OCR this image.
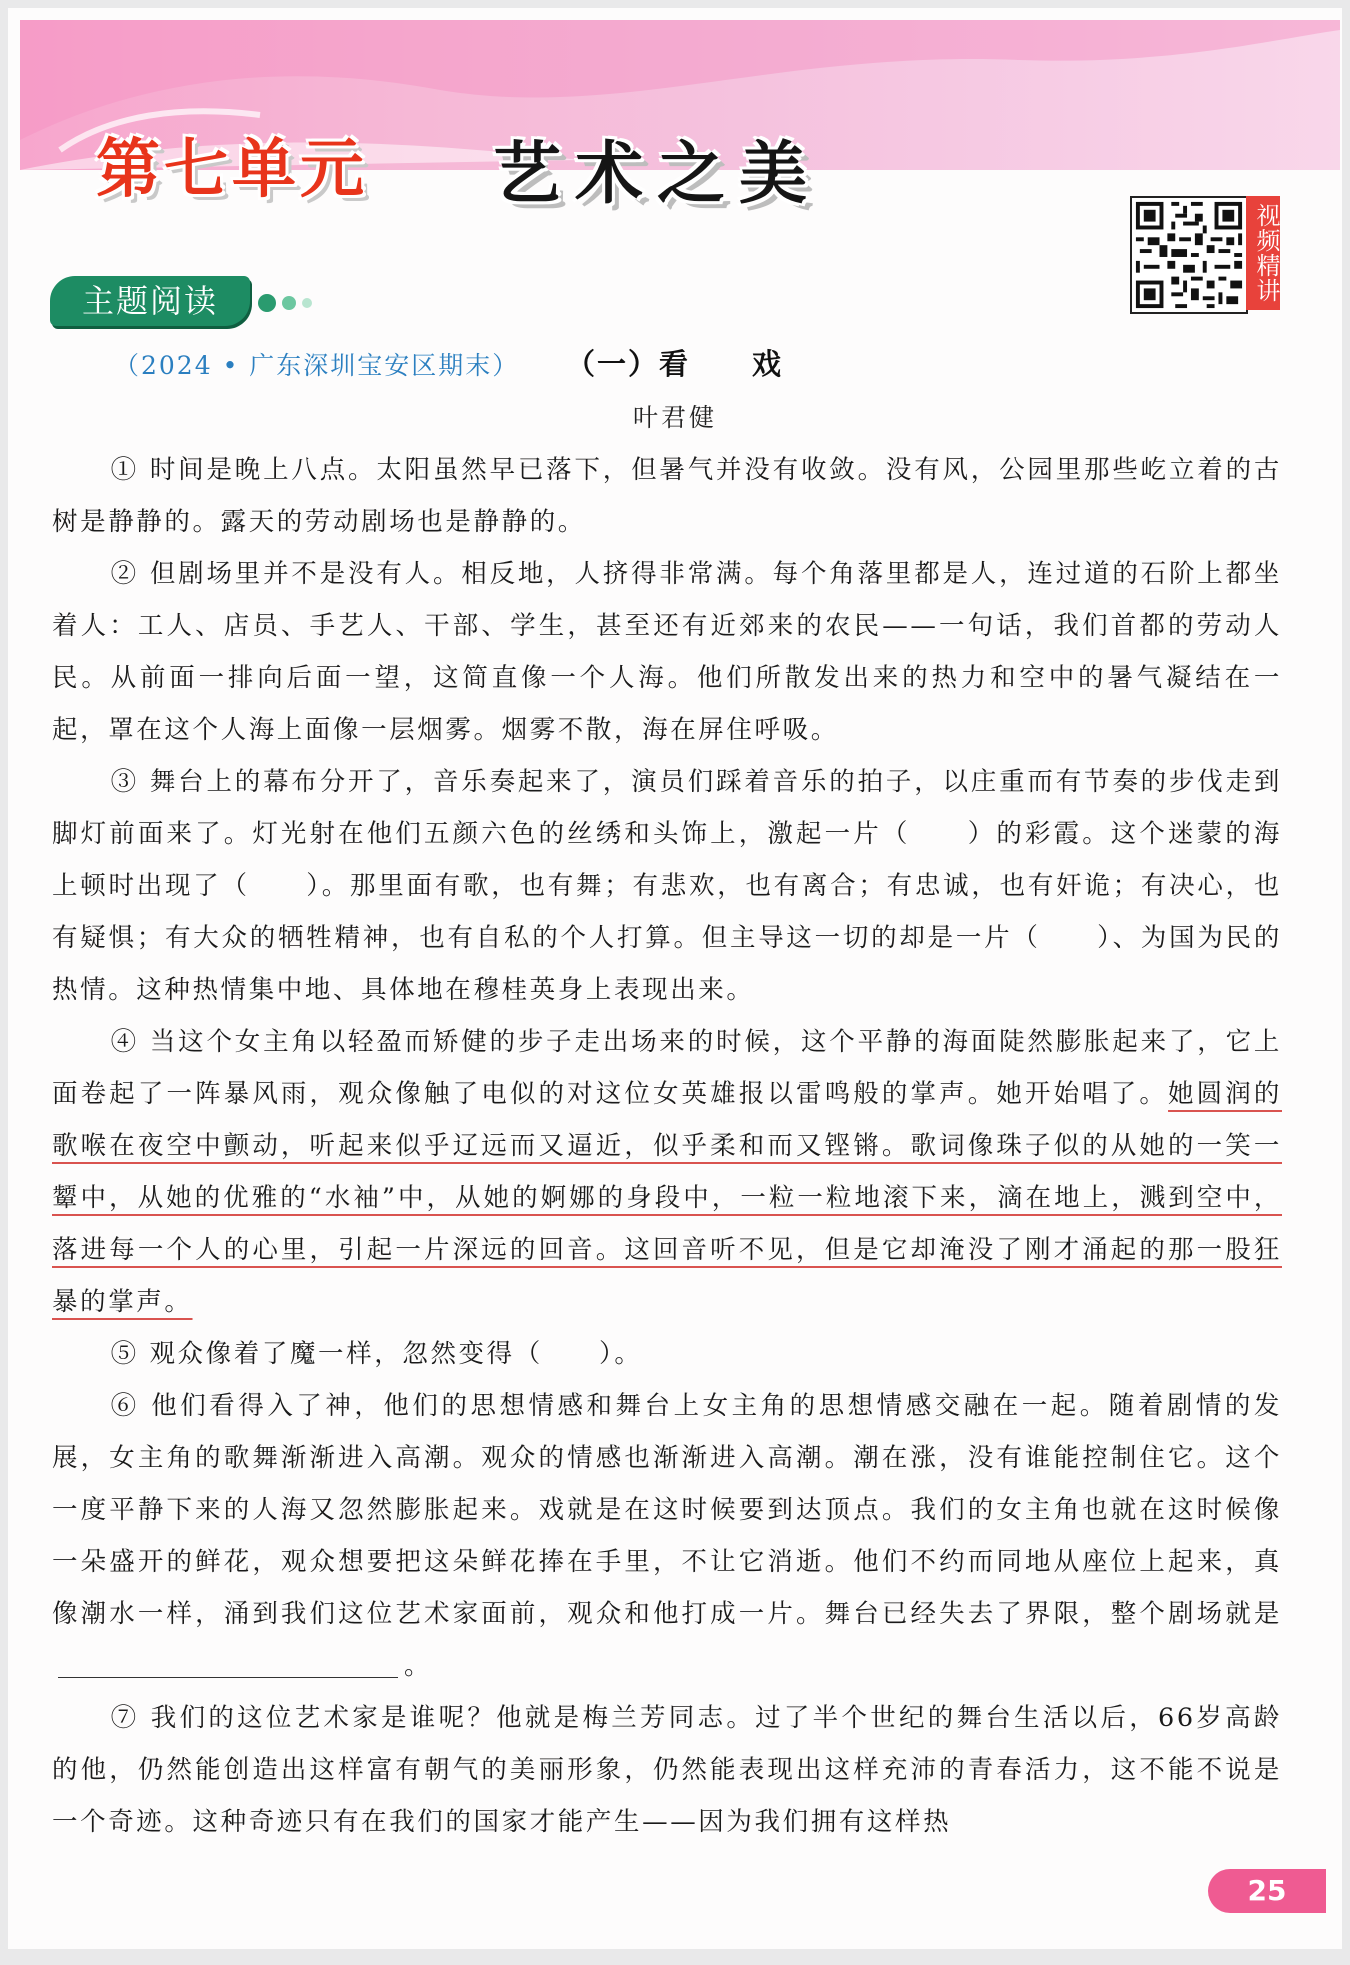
第七单元 艺术之美
视频精讲
主题阅读
（2024 • 广东深圳宝安区期末） （一）看　　戏
叶君健

① 时间是晚上八点。太阳虽然早已落下，但暑气并没有收敛。没有风，公园里那些屹立着的古树是静静的。露天的劳动剧场也是静静的。

② 但剧场里并不是没有人。相反地，人挤得非常满。每个角落里都是人，连过道的石阶上都坐着人：工人、店员、手艺人、干部、学生，甚至还有近郊来的农民——一句话，我们首都的劳动人民。从前面一排向后面一望，这简直像一个人海。他们所散发出来的热力和空中的暑气凝结在一起，罩在这个人海上面像一层烟雾。烟雾不散，海在屏住呼吸。

③ 舞台上的幕布分开了，音乐奏起来了，演员们踩着音乐的拍子，以庄重而有节奏的步伐走到脚灯前面来了。灯光射在他们五颜六色的丝绣和头饰上，激起一片（　　）的彩霞。这个迷蒙的海上顿时出现了（　　）。那里面有歌，也有舞；有悲欢，也有离合；有忠诚，也有奸诡；有决心，也有疑惧；有大众的牺牲精神，也有自私的个人打算。但主导这一切的却是一片（　　）、为国为民的热情。这种热情集中地、具体地在穆桂英身上表现出来。

④ 当这个女主角以轻盈而矫健的步子走出场来的时候，这个平静的海面陡然膨胀起来了，它上面卷起了一阵暴风雨，观众像触了电似的对这位女英雄报以雷鸣般的掌声。她开始唱了。她圆润的歌喉在夜空中颤动，听起来似乎辽远而又逼近，似乎柔和而又铿锵。歌词像珠子似的从她的一笑一颦中，从她的优雅的“水袖”中，从她的婀娜的身段中，一粒一粒地滚下来，滴在地上，溅到空中，落进每一个人的心里，引起一片深远的回音。这回音听不见，但是它却淹没了刚才涌起的那一股狂暴的掌声。

⑤ 观众像着了魔一样，忽然变得（　　）。

⑥ 他们看得入了神，他们的思想情感和舞台上女主角的思想情感交融在一起。随着剧情的发展，女主角的歌舞渐渐进入高潮。观众的情感也渐渐进入高潮。潮在涨，没有谁能控制住它。这个一度平静下来的人海又忽然膨胀起来。戏就是在这时候要到达顶点。我们的女主角也就在这时候像一朵盛开的鲜花，观众想要把这朵鲜花捧在手里，不让它消逝。他们不约而同地从座位上起来，真像潮水一样，涌到我们这位艺术家面前，观众和他打成一片。舞台已经失去了界限，整个剧场就是。

⑦ 我们的这位艺术家是谁呢？他就是梅兰芳同志。过了半个世纪的舞台生活以后，66岁高龄的他，仍然能创造出这样富有朝气的美丽形象，仍然能表现出这样充沛的青春活力，这不能不说是一个奇迹。这种奇迹只有在我们的国家才能产生——因为我们拥有这样热

25
